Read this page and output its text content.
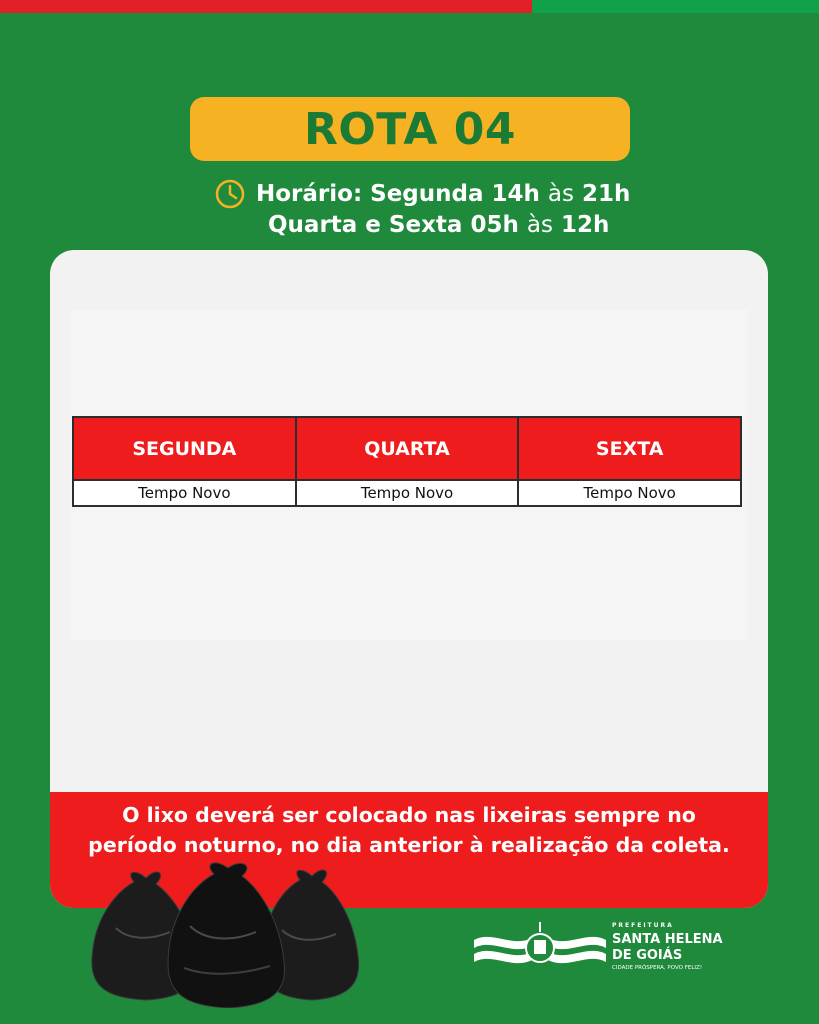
ROTA 04
Horário: Segunda 14h às 21h
Quarta e Sexta 05h às 12h
SEGUNDA	QUARTA	SEXTA
Tempo Novo	Tempo Novo	Tempo Novo

O lixo deverá ser colocado nas lixeiras sempre no período noturno, no dia anterior à realização da coleta.

PREFEITURA
SANTA HELENA
DE GOIÁS
CIDADE PRÓSPERA, POVO FELIZ!
